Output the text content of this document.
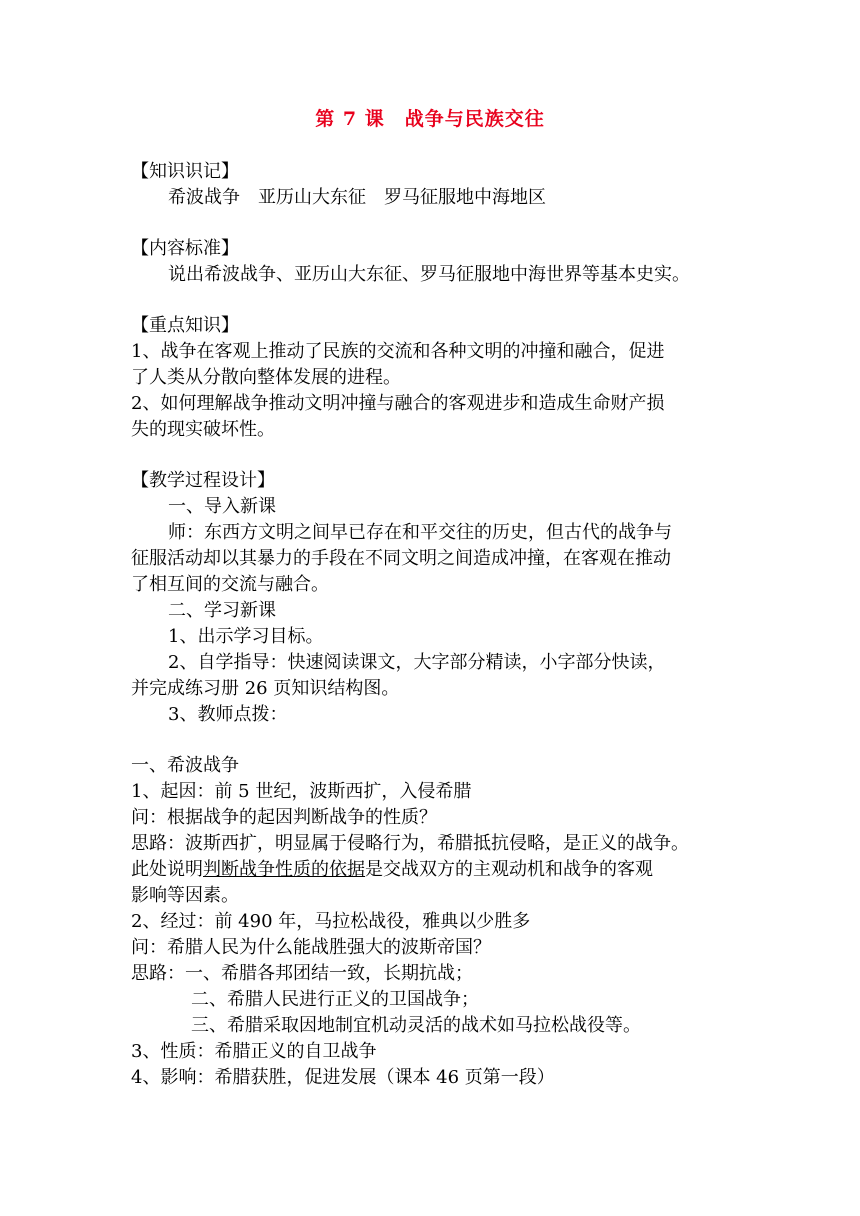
第 7 课　战争与民族交往

【知识识记】

希波战争　亚历山大东征　罗马征服地中海地区

【内容标准】

说出希波战争、亚历山大东征、罗马征服地中海世界等基本史实。

【重点知识】

1、战争在客观上推动了民族的交流和各种文明的冲撞和融合，促进

了人类从分散向整体发展的进程。

2、如何理解战争推动文明冲撞与融合的客观进步和造成生命财产损

失的现实破坏性。

【教学过程设计】

一、导入新课

师：东西方文明之间早已存在和平交往的历史，但古代的战争与

征服活动却以其暴力的手段在不同文明之间造成冲撞，在客观在推动

了相互间的交流与融合。

二、学习新课

1、出示学习目标。

2、自学指导：快速阅读课文，大字部分精读，小字部分快读，

并完成练习册 26 页知识结构图。

3、教师点拨：

一、希波战争

1、起因：前 5 世纪，波斯西扩，入侵希腊

问：根据战争的起因判断战争的性质？

思路：波斯西扩，明显属于侵略行为，希腊抵抗侵略，是正义的战争。

此处说明判断战争性质的依据是交战双方的主观动机和战争的客观

影响等因素。

2、经过：前 490 年，马拉松战役，雅典以少胜多

问：希腊人民为什么能战胜强大的波斯帝国？

思路：一、希腊各邦团结一致，长期抗战；

二、希腊人民进行正义的卫国战争；

三、希腊采取因地制宜机动灵活的战术如马拉松战役等。

3、性质：希腊正义的自卫战争

4、影响：希腊获胜，促进发展（课本 46 页第一段）
